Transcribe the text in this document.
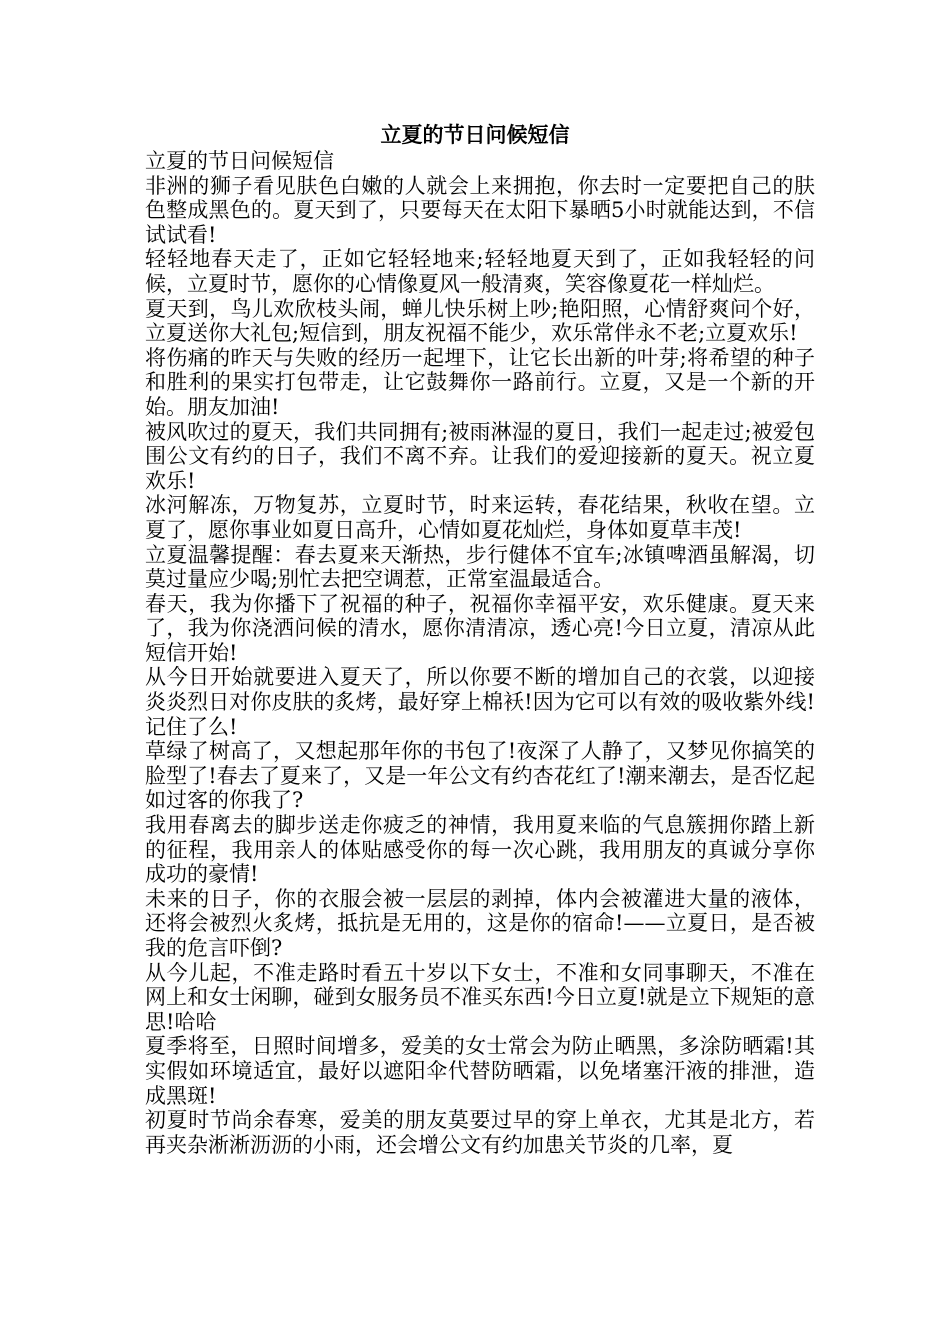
立夏的节日问候短信

立夏的节日问候短信

非洲的狮子看见肤色白嫩的人就会上来拥抱，你去时一定要把自己的肤色整成黑色的。夏天到了，只要每天在太阳下暴晒5小时就能达到，不信试试看!

轻轻地春天走了，正如它轻轻地来;轻轻地夏天到了，正如我轻轻的问候，立夏时节，愿你的心情像夏风一般清爽，笑容像夏花一样灿烂。

夏天到，鸟儿欢欣枝头闹，蝉儿快乐树上吵;艳阳照，心情舒爽问个好，立夏送你大礼包;短信到，朋友祝福不能少，欢乐常伴永不老;立夏欢乐!

将伤痛的昨天与失败的经历一起埋下，让它长出新的叶芽;将希望的种子和胜利的果实打包带走，让它鼓舞你一路前行。立夏，又是一个新的开始。朋友加油!

被风吹过的夏天，我们共同拥有;被雨淋湿的夏日，我们一起走过;被爱包围公文有约的日子，我们不离不弃。让我们的爱迎接新的夏天。祝立夏欢乐!

冰河解冻，万物复苏，立夏时节，时来运转，春花结果，秋收在望。立夏了，愿你事业如夏日高升，心情如夏花灿烂，身体如夏草丰茂!

立夏温馨提醒：春去夏来天渐热，步行健体不宜车;冰镇啤酒虽解渴，切莫过量应少喝;别忙去把空调惹，正常室温最适合。

春天，我为你播下了祝福的种子，祝福你幸福平安，欢乐健康。夏天来了，我为你浇洒问候的清水，愿你清清凉，透心亮!今日立夏，清凉从此短信开始!

从今日开始就要进入夏天了，所以你要不断的增加自己的衣裳，以迎接炎炎烈日对你皮肤的炙烤，最好穿上棉袄!因为它可以有效的吸收紫外线!记住了么!

草绿了树高了，又想起那年你的书包了!夜深了人静了，又梦见你搞笑的脸型了!春去了夏来了，又是一年公文有约杏花红了!潮来潮去，是否忆起如过客的你我了?

我用春离去的脚步送走你疲乏的神情，我用夏来临的气息簇拥你踏上新的征程，我用亲人的体贴感受你的每一次心跳，我用朋友的真诚分享你成功的豪情!

未来的日子，你的衣服会被一层层的剥掉，体内会被灌进大量的液体，还将会被烈火炙烤，抵抗是无用的，这是你的宿命!——立夏日，是否被我的危言吓倒?

从今儿起，不准走路时看五十岁以下女士，不准和女同事聊天，不准在网上和女士闲聊，碰到女服务员不准买东西!今日立夏!就是立下规矩的意思!哈哈

夏季将至，日照时间增多，爱美的女士常会为防止晒黑，多涂防晒霜!其实假如环境适宜，最好以遮阳伞代替防晒霜，以免堵塞汗液的排泄，造成黑斑!

初夏时节尚余春寒，爱美的朋友莫要过早的穿上单衣，尤其是北方，若再夹杂淅淅沥沥的小雨，还会增公文有约加患关节炎的几率，夏
